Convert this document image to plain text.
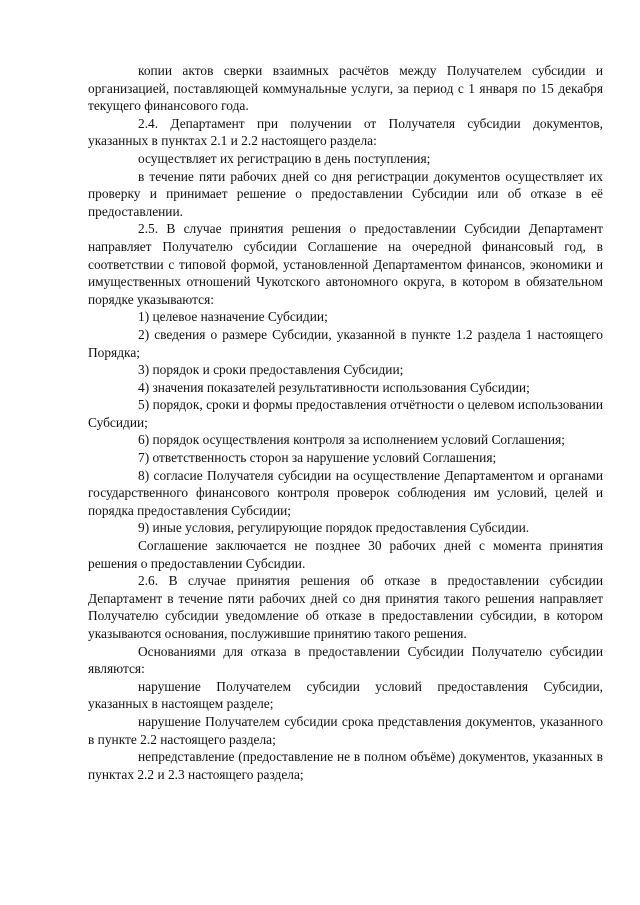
копии актов сверки взаимных расчётов между Получателем субсидии и организацией, поставляющей коммунальные услуги, за период с 1 января по 15 декабря текущего финансового года.

2.4. Департамент при получении от Получателя субсидии документов, указанных в пунктах 2.1 и 2.2 настоящего раздела:

осуществляет их регистрацию в день поступления;

в течение пяти рабочих дней со дня регистрации документов осуществляет их проверку и принимает решение о предоставлении Субсидии или об отказе в её предоставлении.

2.5. В случае принятия решения о предоставлении Субсидии Департамент направляет Получателю субсидии Соглашение на очередной финансовый год, в соответствии с типовой формой, установленной Департаментом финансов, экономики и имущественных отношений Чукотского автономного округа, в котором в обязательном порядке указываются:

1) целевое назначение Субсидии;

2) сведения о размере Субсидии, указанной в пункте 1.2 раздела 1 настоящего Порядка;

3) порядок и сроки предоставления Субсидии;

4) значения показателей результативности использования Субсидии;

5) порядок, сроки и формы предоставления отчётности о целевом использовании Субсидии;

6) порядок осуществления контроля за исполнением условий Соглашения;

7) ответственность сторон за нарушение условий Соглашения;

8) согласие Получателя субсидии на осуществление Департаментом и органами государственного финансового контроля проверок соблюдения им условий, целей и порядка предоставления Субсидии;

9) иные условия, регулирующие порядок предоставления Субсидии.

Соглашение заключается не позднее 30 рабочих дней с момента принятия решения о предоставлении Субсидии.

2.6. В случае принятия решения об отказе в предоставлении субсидии Департамент в течение пяти рабочих дней со дня принятия такого решения направляет Получателю субсидии уведомление об отказе в предоставлении субсидии, в котором указываются основания, послужившие принятию такого решения.

Основаниями для отказа в предоставлении Субсидии Получателю субсидии являются:

нарушение Получателем субсидии условий предоставления Субсидии, указанных в настоящем разделе;

нарушение Получателем субсидии срока представления документов, указанного в пункте 2.2 настоящего раздела;

непредставление (предоставление не в полном объёме) документов, указанных в пунктах 2.2 и 2.3 настоящего раздела;
